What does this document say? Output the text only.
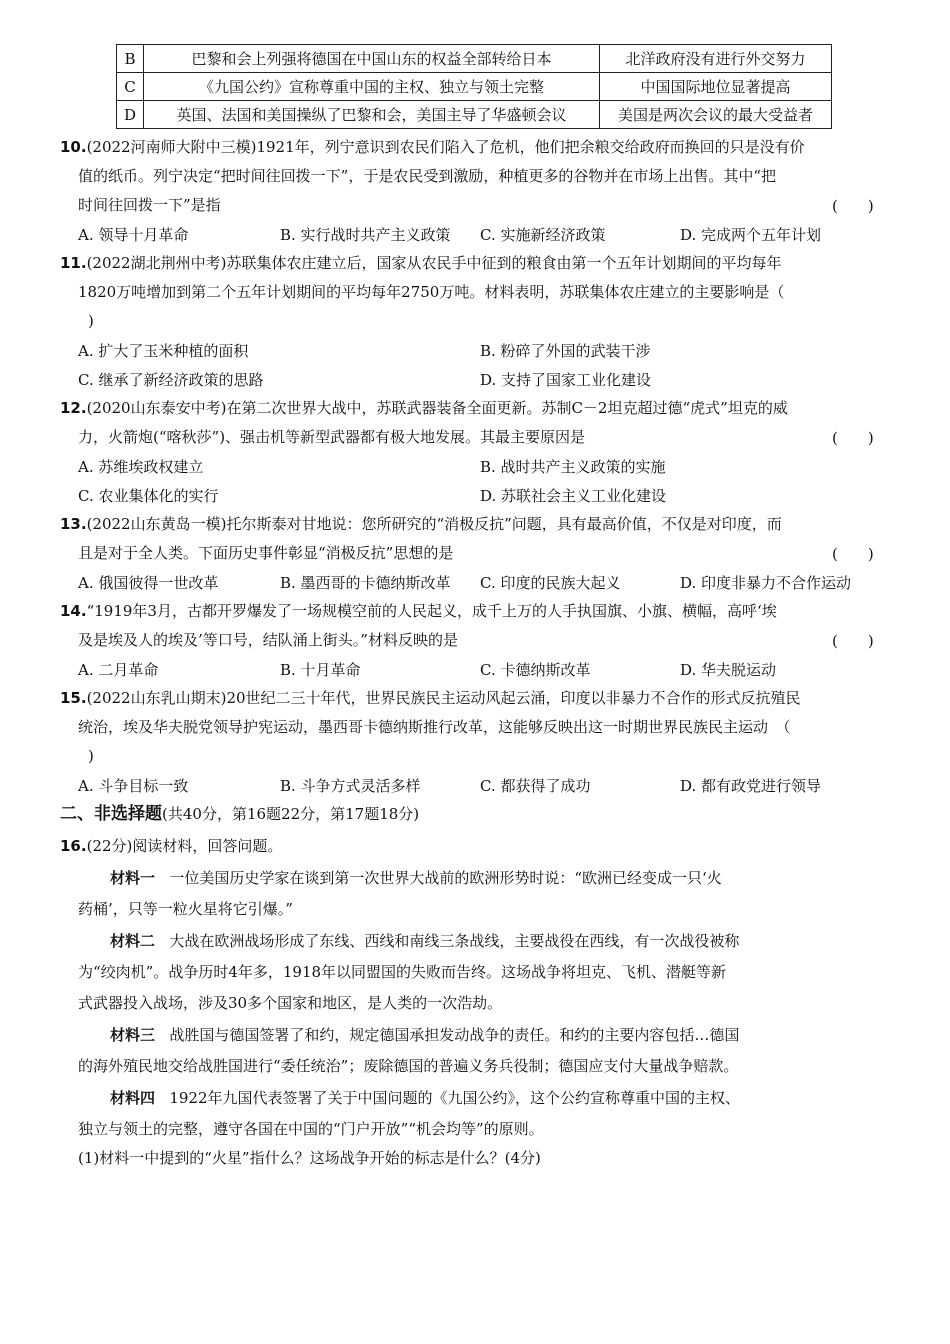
B	巴黎和会上列强将德国在中国山东的权益全部转给日本	北洋政府没有进行外交努力
C	《九国公约》宣称尊重中国的主权、独立与领土完整	中国国际地位显著提高
D	英国、法国和美国操纵了巴黎和会，美国主导了华盛顿会议	美国是两次会议的最大受益者
10.(2022河南师大附中三模)1921年，列宁意识到农民们陷入了危机，他们把余粮交给政府而换回的只是没有价
值的纸币。列宁决定“把时间往回拨一下”，于是农民受到激励，种植更多的谷物并在市场上出售。其中“把
时间往回拨一下”是指	(　　)
A. 领导十月革命	B. 实行战时共产主义政策 C. 实施新经济政策	D. 完成两个五年计划
11.(2022湖北荆州中考)苏联集体农庄建立后，国家从农民手中征到的粮食由第一个五年计划期间的平均每年
1820万吨增加到第二个五年计划期间的平均每年2750万吨。材料表明，苏联集体农庄建立的主要影响是（
)
A. 扩大了玉米种植的面积	B. 粉碎了外国的武装干涉
C. 继承了新经济政策的思路	D. 支持了国家工业化建设
12.(2020山东泰安中考)在第二次世界大战中，苏联武器装备全面更新。苏制C－2坦克超过德“虎式”坦克的威
力，火箭炮(“喀秋莎”)、强击机等新型武器都有极大地发展。其最主要原因是	(　　)
A. 苏维埃政权建立	B. 战时共产主义政策的实施
C. 农业集体化的实行	D. 苏联社会主义工业化建设
13.(2022山东黄岛一模)托尔斯泰对甘地说：您所研究的“消极反抗”问题，具有最高价值，不仅是对印度，而
且是对于全人类。下面历史事件彰显“消极反抗”思想的是	(　　)
A. 俄国彼得一世改革	B. 墨西哥的卡德纳斯改革 C. 印度的民族大起义	D. 印度非暴力不合作运动
14.“1919年3月，古都开罗爆发了一场规模空前的人民起义，成千上万的人手执国旗、小旗、横幅，高呼‘埃
及是埃及人的埃及’等口号，结队涌上街头。”材料反映的是	(　　)
A. 二月革命	B. 十月革命	C. 卡德纳斯改革	D. 华夫脱运动
15.(2022山东乳山期末)20世纪二三十年代，世界民族民主运动风起云涌，印度以非暴力不合作的形式反抗殖民
统治，埃及华夫脱党领导护宪运动，墨西哥卡德纳斯推行改革，这能够反映出这一时期世界民族民主运动　（
)
A. 斗争目标一致	B. 斗争方式灵活多样	C. 都获得了成功	D. 都有政党进行领导
二、非选择题(共40分，第16题22分，第17题18分)
16.(22分)阅读材料，回答问题。
材料一 一位美国历史学家在谈到第一次世界大战前的欧洲形势时说：“欧洲已经变成一只‘火
药桶’，只等一粒火星将它引爆。”
材料二 大战在欧洲战场形成了东线、西线和南线三条战线，主要战役在西线，有一次战役被称
为“绞肉机”。战争历时4年多，1918年以同盟国的失败而告终。这场战争将坦克、飞机、潜艇等新
式武器投入战场，涉及30多个国家和地区，是人类的一次浩劫。
材料三 战胜国与德国签署了和约，规定德国承担发动战争的责任。和约的主要内容包括…德国
的海外殖民地交给战胜国进行“委任统治”；废除德国的普遍义务兵役制；德国应支付大量战争赔款。
材料四 1922年九国代表签署了关于中国问题的《九国公约》，这个公约宣称尊重中国的主权、
独立与领土的完整，遵守各国在中国的“门户开放”“机会均等”的原则。
(1)材料一中提到的“火星”指什么？这场战争开始的标志是什么？(4分)
